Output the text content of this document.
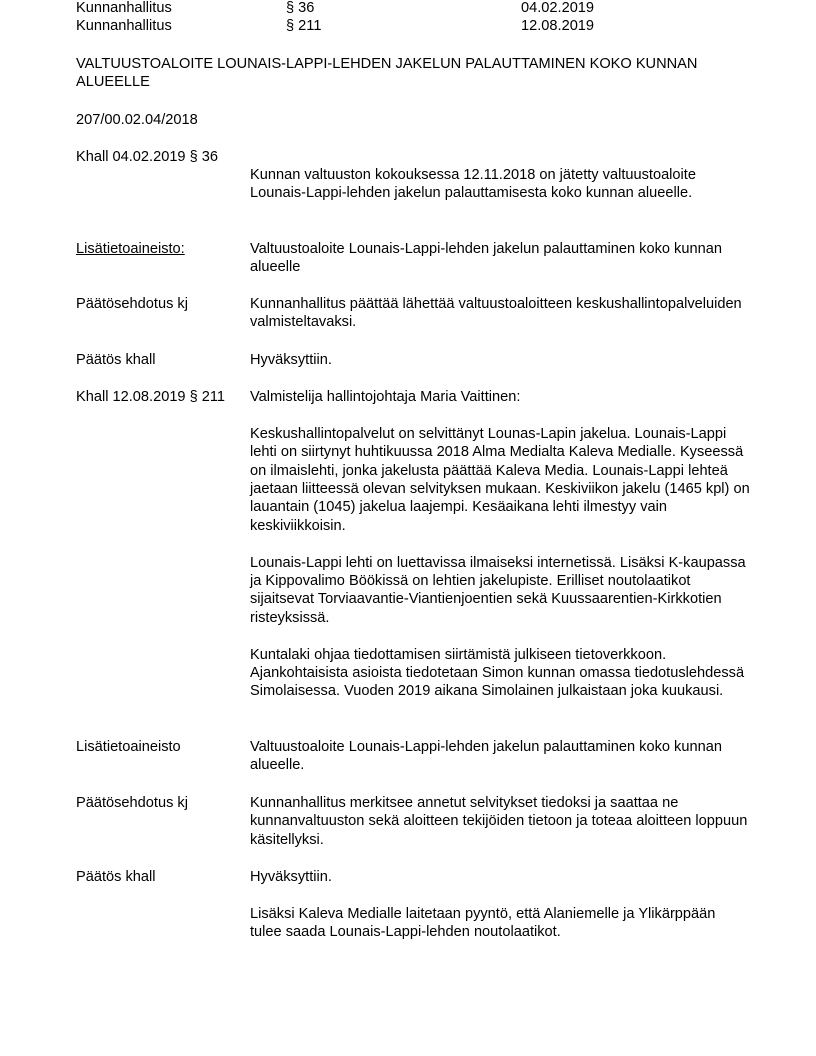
Kunnanhallitus	§ 36	04.02.2019
Kunnanhallitus	§ 211	12.08.2019
VALTUUSTOALOITE LOUNAIS-LAPPI-LEHDEN JAKELUN PALAUTTAMINEN KOKO KUNNAN ALUEELLE
207/00.02.04/2018
Khall 04.02.2019 § 36
Kunnan valtuuston kokouksessa 12.11.2018 on jätetty valtuustoaloite Lounais-Lappi-lehden jakelun palauttamisesta koko kunnan alueelle.
Lisätietoaineisto:	Valtuustoaloite Lounais-Lappi-lehden jakelun palauttaminen koko kunnan alueelle
Päätösehdotus kj	Kunnanhallitus päättää lähettää valtuustoaloitteen keskushallintopalveluiden valmisteltavaksi.
Päätös khall	Hyväksyttiin.
Khall 12.08.2019 § 211 Valmistelija hallintojohtaja Maria Vaittinen:

Keskushallintopalvelut on selvittänyt Lounas-Lapin jakelua. Lounais-Lappi lehti on siirtynyt huhtikuussa 2018 Alma Medialta Kaleva Medialle. Kyseessä on ilmaislehti, jonka jakelusta päättää Kaleva Media. Lounais-Lappi lehteä jaetaan liitteessä olevan selvityksen mukaan. Keskiviikon jakelu (1465 kpl) on lauantain (1045) jakelua laajempi. Kesäaikana lehti ilmestyy vain keskiviikkoisin.

Lounais-Lappi lehti on luettavissa ilmaiseksi internetissä. Lisäksi K-kaupassa ja Kippovalimo Böökissä on lehtien jakelupiste. Erilliset noutolaatikot sijaitsevat Torviaavantie-Viantienjoentien sekä Kuussaarentien-Kirkkotien risteyksissä.

Kuntalaki ohjaa tiedottamisen siirtämistä julkiseen tietoverkkoon. Ajankohtaisista asioista tiedotetaan Simon kunnan omassa tiedotuslehdessä Simolaisessa. Vuoden 2019 aikana Simolainen julkaistaan joka kuukausi.

Lisätietoaineisto	Valtuustoaloite Lounais-Lappi-lehden jakelun palauttaminen koko kunnan alueelle.
Päätösehdotus kj	Kunnanhallitus merkitsee annetut selvitykset tiedoksi ja saattaa ne kunnanvaltuuston sekä aloitteen tekijöiden tietoon ja toteaa aloitteen loppuun käsitellyksi.
Päätös khall	Hyväksyttiin.

Lisäksi Kaleva Medialle laitetaan pyyntö, että Alaniemelle ja Ylikärppään tulee saada Lounais-Lappi-lehden noutolaatikot.
